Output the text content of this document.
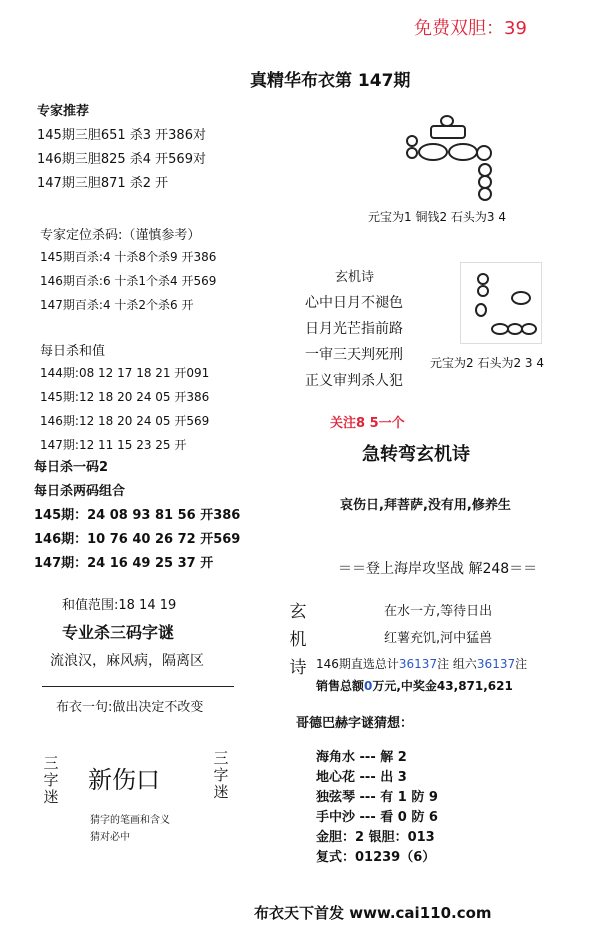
免费双胆：39
真精华布衣第 147期
专家推荐
145期三胆651 杀3 开386对
146期三胆825 杀4 开569对
147期三胆871 杀2 开
元宝为1 铜钱2 石头为3 4
专家定位杀码:（谨慎参考）
145期百杀:4 十杀8个杀9 开386
146期百杀:6 十杀1个杀4 开569
147期百杀:4 十杀2个杀6 开
玄机诗
心中日月不褪色
日月光芒指前路
一审三天判死刑
正义审判杀人犯
元宝为2 石头为2 3 4
每日杀和值
144期:08 12 17 18 21 开091
145期:12 18 20 24 05 开386
146期:12 18 20 24 05 开569
147期:12 11 15 23 25 开
关注8 5一个
急转弯玄机诗
哀伤日,拜菩萨,没有用,修养生
每日杀一码2
每日杀两码组合
145期：24 08 93 81 56 开386
146期：10 76 40 26 72 开569
147期：24 16 49 25 37 开	＝＝登上海岸攻坚战 解248＝＝
和值范围:18 14 19
专业杀三码字谜
流浪汉，麻风病，隔离区
玄机诗
在水一方,等待日出
红薯充饥,河中猛兽
146期直选总计36137注 组六36137注
销售总额0万元,中奖金43,871,621
布衣一句:做出决定不改变
三字迷
新伤口
三字迷
猜字的笔画和含义
猜对必中
哥德巴赫字谜猜想：
海角水 --- 解 2
地心花 --- 出 3
独弦琴 --- 有 1 防 9
手中沙 --- 看 0 防 6
金胆：2 银胆：013
复式：01239（6）
布衣天下首发 www.cai110.com
